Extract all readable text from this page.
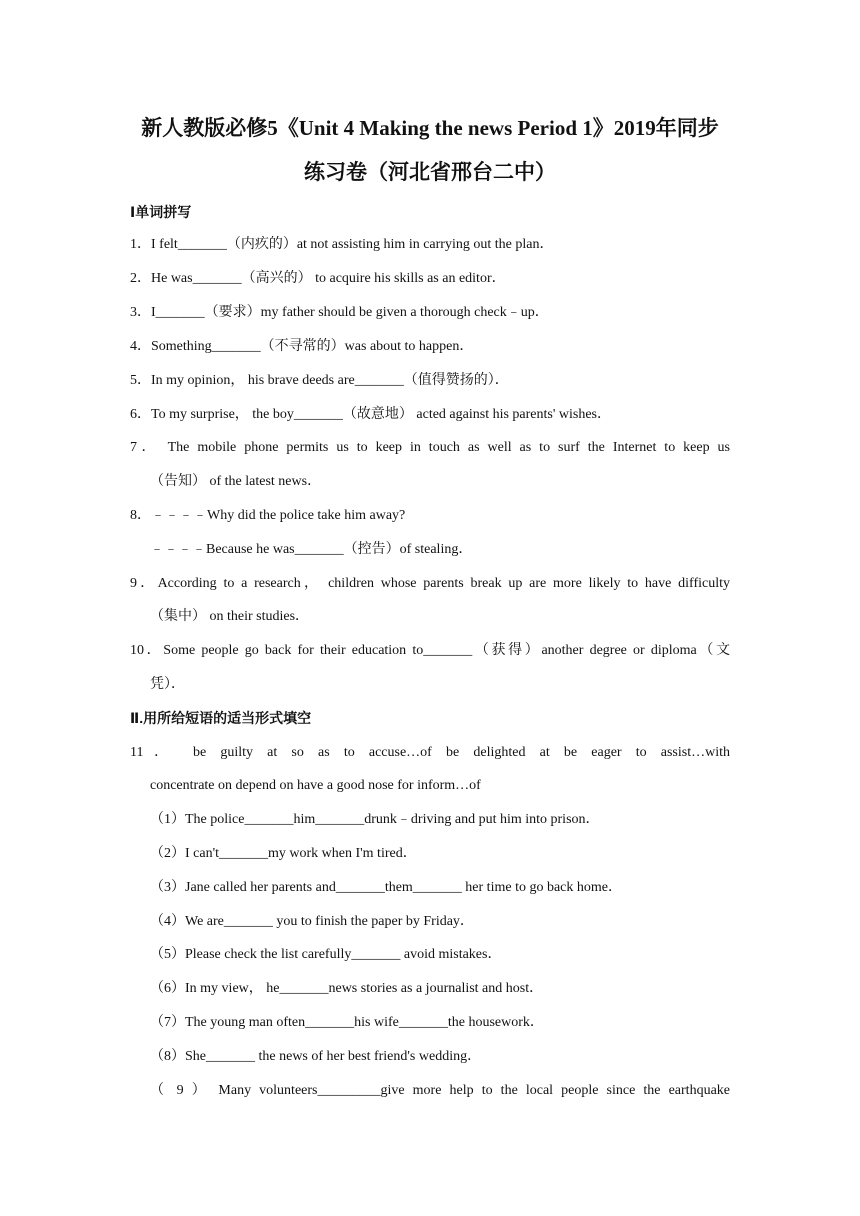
新人教版必修5《Unit 4 Making the news Period 1》2019年同步
练习卷（河北省邢台二中）
Ⅰ单词拼写
1．I felt_______（内疚的）at not assisting him in carrying out the plan．
2．He was_______（高兴的） to acquire his skills as an editor．
3．I_______（要求）my father should be given a thorough check﹣up．
4．Something_______（不寻常的）was about to happen．
5．In my opinion， his brave deeds are_______（值得赞扬的）．
6．To my surprise， the boy_______（故意地） acted against his parents' wishes．
7． The mobile phone permits us to keep in touch as well as to surf the Internet to keep us
（告知） of the latest news．
8．﹣﹣﹣﹣Why did the police take him away?
﹣﹣﹣﹣Because he was_______（控告）of stealing．
9．According to a research， children whose parents break up are more likely to have difficulty
（集中） on their studies．
10．Some people go back for their education to_______（获得）another degree or diploma（文
凭）．
Ⅱ.用所给短语的适当形式填空
11． be guilty at so as to accuse…of be delighted at be eager to assist…with
concentrate on depend on have a good nose for inform…of
（1）The police_______him_______drunk﹣driving and put him into prison．
（2）I can't_______my work when I'm tired．
（3）Jane called her parents and_______them_______ her time to go back home．
（4）We are_______ you to finish the paper by Friday．
（5）Please check the list carefully_______ avoid mistakes．
（6）In my view， he_______news stories as a journalist and host．
（7）The young man often_______his wife_______the housework．
（8）She_______ the news of her best friend's wedding．
（ 9 ） Many volunteers_________give more help to the local people since the earthquake
